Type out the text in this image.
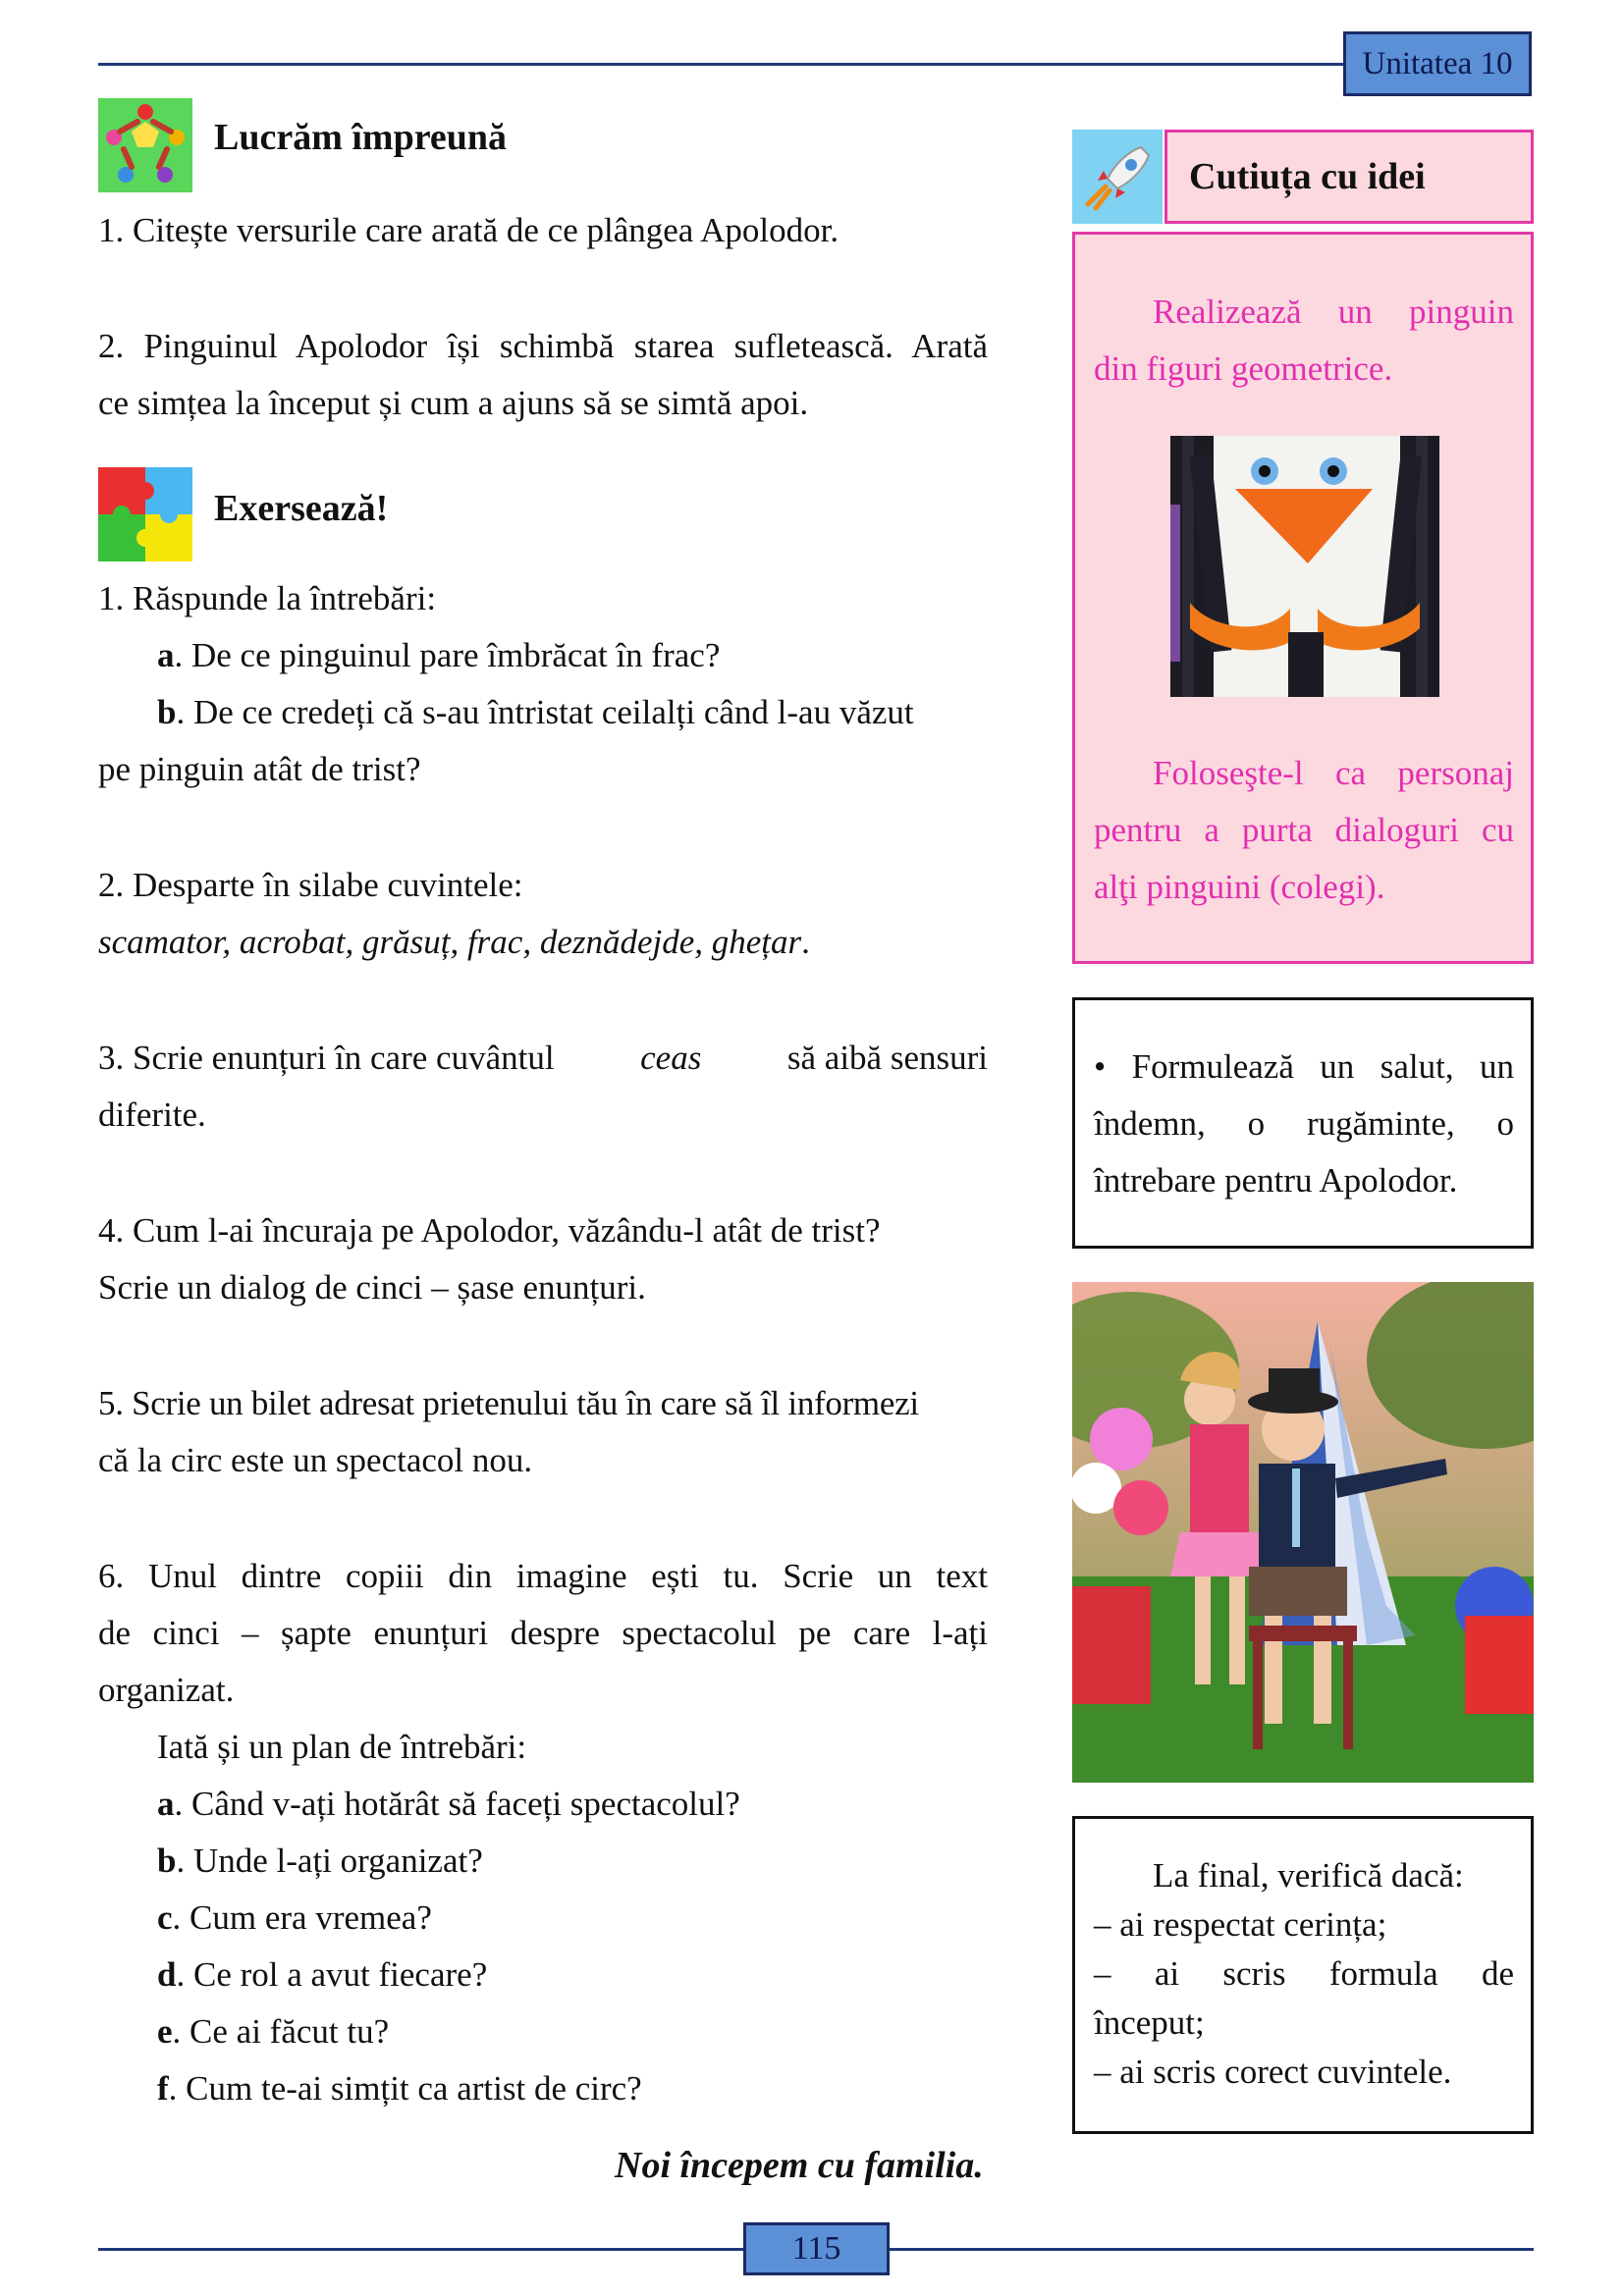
Unitatea 10
Lucrăm împreună
1. Citește versurile care arată de ce plângea Apolodor.
2. Pinguinul Apolodor își schimbă starea sufletească. Arată
ce simțea la început și cum a ajuns să se simtă apoi.
Exersează!
1. Răspunde la întrebări:
a. De ce pinguinul pare îmbrăcat în frac?
b. De ce credeți că s-au întristat ceilalți când l-au văzut
pe pinguin atât de trist?
2. Desparte în silabe cuvintele:
scamator, acrobat, grăsuț, frac, deznădejde, ghețar.
3. Scrie enunțuri în care cuvântul	ceas	să aibă sensuri
diferite.
4. Cum l-ai încuraja pe Apolodor, văzându-l atât de trist?
Scrie un dialog de cinci – șase enunțuri.
5. Scrie un bilet adresat prietenului tău în care să îl informezi
că la circ este un spectacol nou.
6. Unul dintre copiii din imagine ești tu. Scrie un text
de cinci – șapte enunțuri despre spectacolul pe care l-ați
organizat.
Iată și un plan de întrebări:
a. Când v-ați hotărât să faceți spectacolul?
b. Unde l-ați organizat?
c. Cum era vremea?
d. Ce rol a avut fiecare?
e. Ce ai făcut tu?
f. Cum te-ai simțit ca artist de circ?
Cutiuța cu idei
Realizează un pinguin
din figuri geometrice.
Foloseşte-l ca personaj
pentru a purta dialoguri cu
alţi pinguini (colegi).
• Formulează un salut, un
îndemn, o rugăminte, o
întrebare pentru Apolodor.
La final, verifică dacă:
– ai respectat cerința;
– ai scris formula de
început;
– ai scris corect cuvintele.
Noi începem cu familia.
115
